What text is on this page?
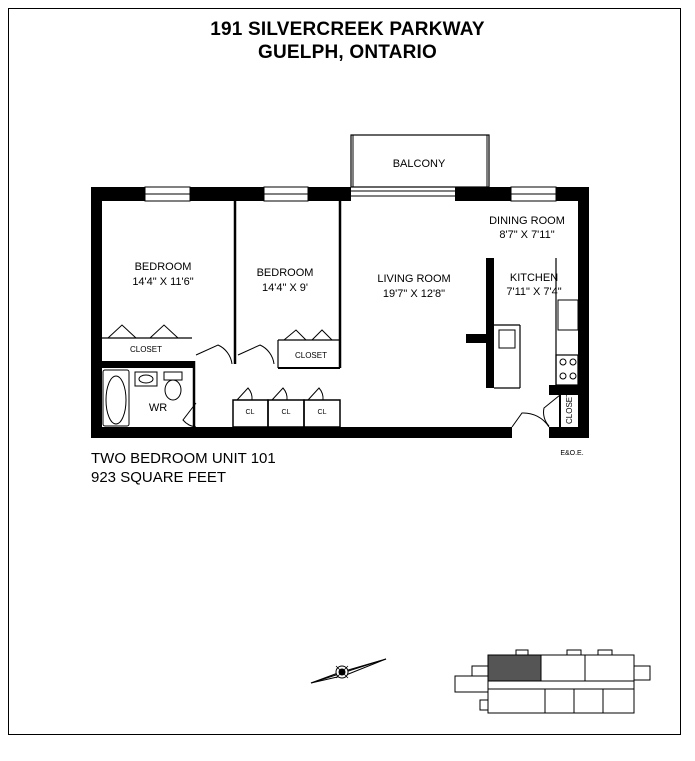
191 SILVERCREEK PARKWAY
GUELPH, ONTARIO
BALCONY
BEDROOM
14'4" X 11'6"
BEDROOM
14'4" X 9'
LIVING ROOM
19'7" X 12'8"
DINING ROOM
8'7" X 7'11"
KITCHEN
7'11" X 7'4"
CLOSET
CLOSET
CLOSET
WR	CL	CL	CL
E&O.E.
TWO BEDROOM UNIT 101
923 SQUARE FEET
